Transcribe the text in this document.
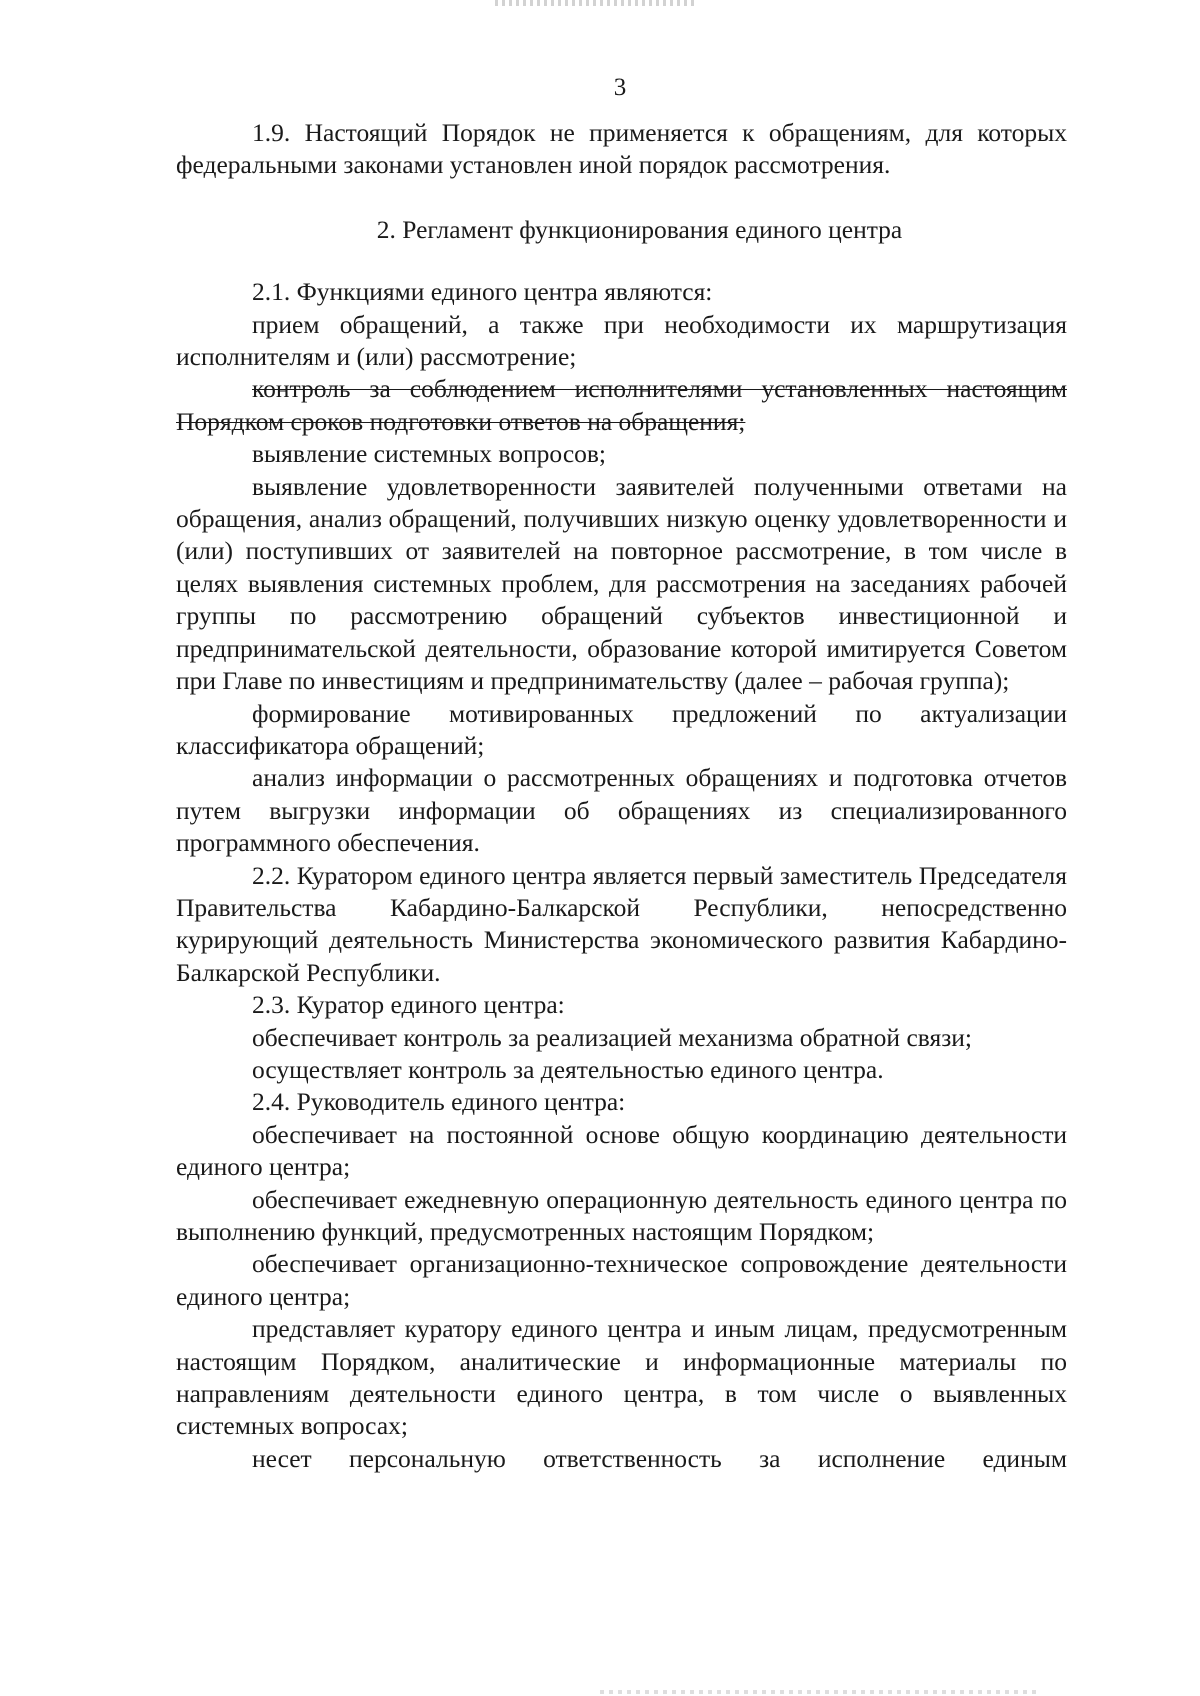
3

1.9. Настоящий Порядок не применяется к обращениям, для которых федеральными законами установлен иной порядок рассмотрения.

2. Регламент функционирования единого центра

2.1. Функциями единого центра являются:

прием обращений, а также при необходимости их маршрутизация исполнителям и (или) рассмотрение;

контроль за соблюдением исполнителями установленных настоящим Порядком сроков подготовки ответов на обращения;

выявление системных вопросов;

выявление удовлетворенности заявителей полученными ответами на обращения, анализ обращений, получивших низкую оценку удовлетворенности и (или) поступивших от заявителей на повторное рассмотрение, в том числе в целях выявления системных проблем, для рассмотрения на заседаниях рабочей группы по рассмотрению обращений субъектов инвестиционной и предпринимательской деятельности, образование которой имитируется Советом при Главе по инвестициям и предпринимательству (далее – рабочая группа);

формирование мотивированных предложений по актуализации классификатора обращений;

анализ информации о рассмотренных обращениях и подготовка отчетов путем выгрузки информации об обращениях из специализированного программного обеспечения.

2.2. Куратором единого центра является первый заместитель Председателя Правительства Кабардино-Балкарской Республики, непосредственно курирующий деятельность Министерства экономического развития Кабардино-Балкарской Республики.

2.3. Куратор единого центра:

обеспечивает контроль за реализацией механизма обратной связи;

осуществляет контроль за деятельностью единого центра.

2.4. Руководитель единого центра:

обеспечивает на постоянной основе общую координацию деятельности единого центра;

обеспечивает ежедневную операционную деятельность единого центра по выполнению функций, предусмотренных настоящим Порядком;

обеспечивает организационно-техническое сопровождение деятельности единого центра;

представляет куратору единого центра и иным лицам, предусмотренным настоящим Порядком, аналитические и информационные материалы по направлениям деятельности единого центра, в том числе о выявленных системных вопросах;

несет персональную ответственность за исполнение единым
